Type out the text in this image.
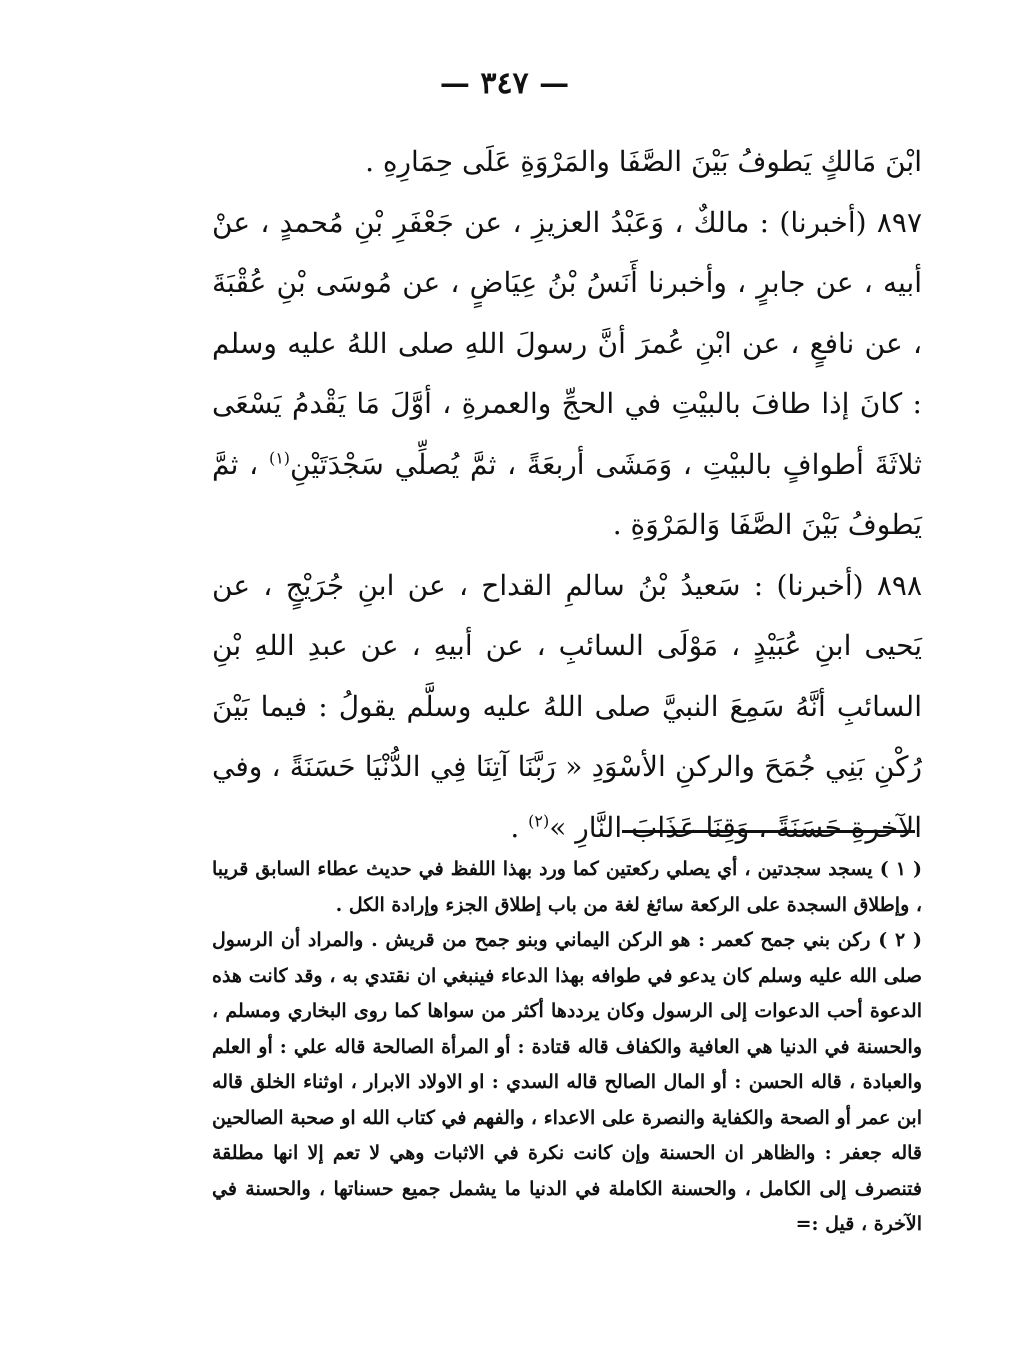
— ٣٤٧ —

ابْنَ مَالكٍ يَطوفُ بَيْنَ الصَّفَا والمَرْوَةِ عَلَى حِمَارِهِ .

٨٩٧ (أخبرنا) : مالكٌ ، وَعَبْدُ العزيزِ ، عن جَعْفَرِ بْنِ مُحمدٍ ، عنْ أبيه ، عن جابرٍ ، وأخبرنا أَنَسُ بْنُ عِيَاضٍ ، عن مُوسَى بْنِ عُقْبَةَ ، عن نافعٍ ، عن ابْنِ عُمرَ أنَّ رسولَ اللهِ صلى اللهُ عليه وسلم : كانَ إذا طافَ بالبيْتِ في الحجِّ والعمرةِ ، أوَّلَ مَا يَقْدمُ يَسْعَى ثلاثَةَ أطوافٍ بالبيْتِ ، وَمَشَى أربعَةً ، ثمَّ يُصلِّي سَجْدَتَيْنِ$^{(١)}$ ، ثمَّ يَطوفُ بَيْنَ الصَّفَا وَالمَرْوَةِ .

٨٩٨ (أخبرنا) : سَعيدُ بْنُ سالمِ القداح ، عن ابنِ جُرَيْجٍ ، عن يَحيى ابنِ عُبَيْدٍ ، مَوْلَى السائبِ ، عن أبيهِ ، عن عبدِ اللهِ بْنِ السائبِ أنَّهُ سَمِعَ النبيَّ صلى اللهُ عليه وسلَّم يقولُ : فيما بَيْنَ رُكْنِ بَنِي جُمَحَ والركنِ الأسْوَدِ « رَبَّنَا آتِنَا فِي الدُّنْيَا حَسَنَةً ، وفي الآخرةِ حَسَنَةً ، وَقِنَا عَذَابَ النَّارِ »$^{(٢)}$ .

( ١ ) يسجد سجدتين ، أي يصلي ركعتين كما ورد بهذا اللفظ في حديث عطاء السابق قريبا ، وإطلاق السجدة على الركعة سائغ لغة من باب إطلاق الجزء وإرادة الكل .

( ٢ ) ركن بني جمح كعمر : هو الركن اليماني وبنو جمح من قريش . والمراد أن الرسول صلى الله عليه وسلم كان يدعو في طوافه بهذا الدعاء فينبغي ان نقتدي به ، وقد كانت هذه الدعوة أحب الدعوات إلى الرسول وكان يرددها أكثر من سواها كما روى البخاري ومسلم ، والحسنة في الدنيا هي العافية والكفاف قاله قتادة : أو المرأة الصالحة قاله علي : أو العلم والعبادة ، قاله الحسن : أو المال الصالح قاله السدي : او الاولاد الابرار ، اوثناء الخلق قاله ابن عمر أو الصحة والكفاية والنصرة على الاعداء ، والفهم في كتاب الله او صحبة الصالحين قاله جعفر : والظاهر ان الحسنة وإن كانت نكرة في الاثبات وهي لا تعم إلا انها مطلقة فتنصرف إلى الكامل ، والحسنة الكاملة في الدنيا ما يشمل جميع حسناتها ، والحسنة في الآخرة ، قيل :=
